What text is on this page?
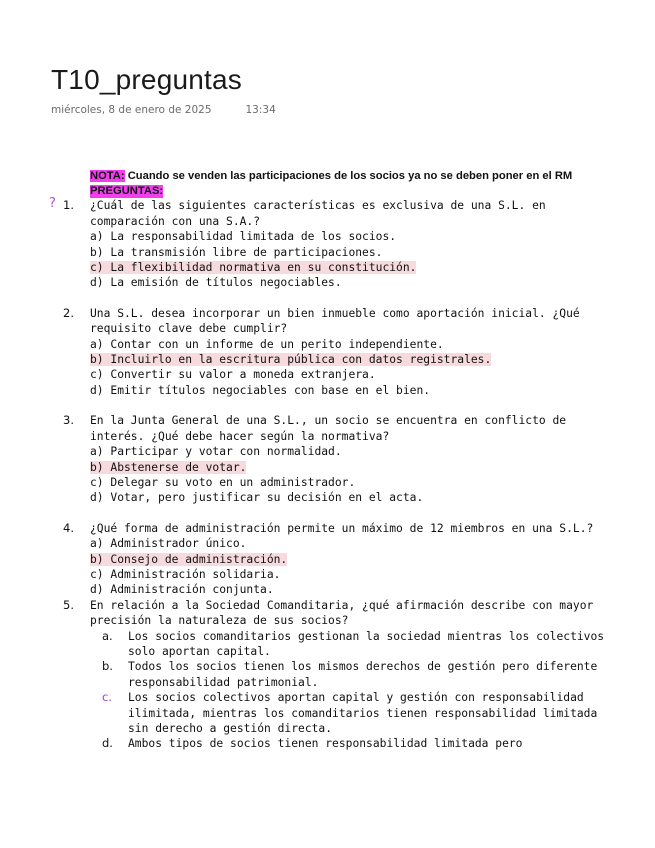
T10_preguntas
miércoles, 8 de enero de 2025	13:34
?
NOTA: Cuando se venden las participaciones de los socios ya no se deben poner en el RM
PREGUNTAS:
1. ¿Cuál de las siguientes características es exclusiva de una S.L. en comparación con una S.A.?
a) La responsabilidad limitada de los socios.
b) La transmisión libre de participaciones.
c) La flexibilidad normativa en su constitución.
d) La emisión de títulos negociables.
2. Una S.L. desea incorporar un bien inmueble como aportación inicial. ¿Qué requisito clave debe cumplir?
a) Contar con un informe de un perito independiente.
b) Incluirlo en la escritura pública con datos registrales.
c) Convertir su valor a moneda extranjera.
d) Emitir títulos negociables con base en el bien.
3. En la Junta General de una S.L., un socio se encuentra en conflicto de interés. ¿Qué debe hacer según la normativa?
a) Participar y votar con normalidad.
b) Abstenerse de votar.
c) Delegar su voto en un administrador.
d) Votar, pero justificar su decisión en el acta.
4. ¿Qué forma de administración permite un máximo de 12 miembros en una S.L.?
a) Administrador único.
b) Consejo de administración.
c) Administración solidaria.
d) Administración conjunta.
5. En relación a la Sociedad Comanditaria, ¿qué afirmación describe con mayor precisión la naturaleza de sus socios?
a. Los socios comanditarios gestionan la sociedad mientras los colectivos solo aportan capital.
b. Todos los socios tienen los mismos derechos de gestión pero diferente responsabilidad patrimonial.
c. Los socios colectivos aportan capital y gestión con responsabilidad ilimitada, mientras los comanditarios tienen responsabilidad limitada sin derecho a gestión directa.
d. Ambos tipos de socios tienen responsabilidad limitada pero
